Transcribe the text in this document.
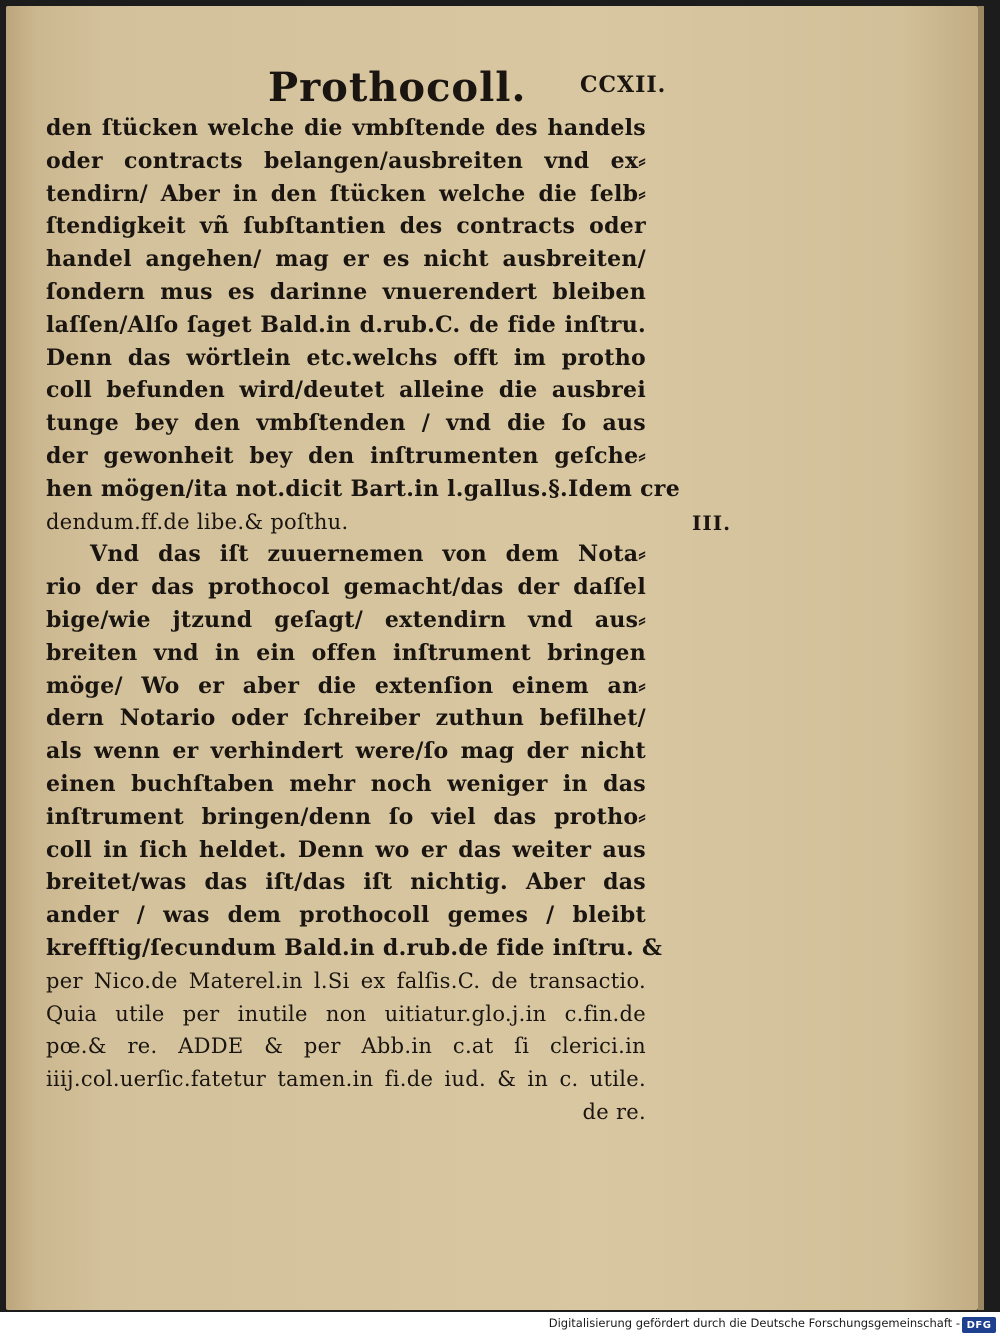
Prothocoll. CCXII.
III.
den ſtücken welche die vmbſtende des handels
oder contracts belangen/ausbreiten vnd ex⸗
tendirn/ Aber in den ſtücken welche die ſelb⸗
ſtendigkeit vñ ſubſtantien des contracts oder
handel angehen/ mag er es nicht ausbreiten/
ſondern mus es darinne vnuerendert bleiben
laſſen/Alſo ſaget Bald.in d.rub.C. de fide inſtru.
Denn das wörtlein etc.welchs offt im protho
coll befunden wird/deutet alleine die ausbrei
tunge bey den vmbſtenden / vnd die ſo aus
der gewonheit bey den inſtrumenten geſche⸗
hen mögen/ita not.dicit Bart.in l.gallus.§.Idem cre
dendum.ff.de libe.& poſthu.
Vnd das iſt zuuernemen von dem Nota⸗
rio der das prothocol gemacht/das der daſſel
bige/wie jtzund geſagt/ extendirn vnd aus⸗
breiten vnd in ein offen inſtrument bringen
möge/ Wo er aber die extenſion einem an⸗
dern Notario oder ſchreiber zuthun befilhet/
als wenn er verhindert were/ſo mag der nicht
einen buchſtaben mehr noch weniger in das
inſtrument bringen/denn ſo viel das protho⸗
coll in ſich heldet. Denn wo er das weiter aus
breitet/was das iſt/das iſt nichtig. Aber das
ander / was dem prothocoll gemes / bleibt
krefftig/ſecundum Bald.in d.rub.de fide inſtru. &
per Nico.de Materel.in l.Si ex falſis.C. de transactio.
Quia utile per inutile non uitiatur.glo.j.in c.fin.de
pœ.& re. ADDE & per Abb.in c.at ſi clerici.in
iiij.col.uerſic.fatetur tamen.in fi.de iud. & in c. utile.
de re.
Digitalisierung gefördert durch die Deutsche Forschungsgemeinschaft - DFG
